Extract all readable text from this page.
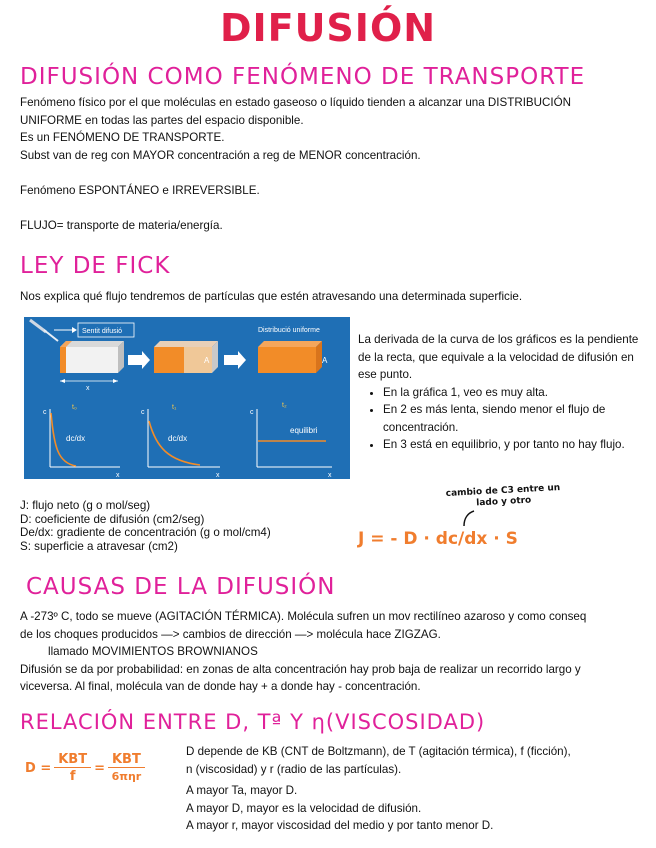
DIFUSIÓN
DIFUSIÓN COMO FENÓMENO DE TRANSPORTE

Fenómeno físico por el que moléculas en estado gaseoso o líquido tienden a alcanzar una DISTRIBUCIÓN

UNIFORME en todas las partes del espacio disponible.

Es un FENÓMENO DE TRANSPORTE.

Subst van de reg con MAYOR concentración a reg de MENOR concentración.

Fenómeno ESPONTÁNEO e IRREVERSIBLE.

FLUJO= transporte de materia/energía.

LEY DE FICK

Nos explica qué flujo tendremos de partículas que estén atravesando una determinada superficie.

Sentit difusió	Distribució uniforme
A	A
x
c
t₀
dc/dx
x
c
t₁
dc/dx
x
c
t₂
equilibri
x
La derivada de la curva de los gráficos es la pendiente de la recta, que equivale a la velocidad de difusión en ese punto.
• En la gráfica 1, veo es muy alta.
• En 2 es más lenta, siendo menor el flujo de concentración.
• En 3 está en equilibrio, y por tanto no hay flujo.
J: flujo neto (g o mol/seg)
D: coeficiente de difusión (cm2/seg)
De/dx: gradiente de concentración (g o mol/cm4)
S: superficie a atravesar (cm2)
cambio de C3 entre un
lado y otro
J = - D · dc/dx · S
CAUSAS DE LA DIFUSIÓN

A -273º C, todo se mueve (AGITACIÓN TÉRMICA). Molécula sufren un mov rectilíneo azaroso y como conseq

de los choques producidos —> cambios de dirección —> molécula hace ZIGZAG.

llamado MOVIMIENTOS BROWNIANOS

Difusión se da por probabilidad: en zonas de alta concentración hay prob baja de realizar un recorrido largo y

viceversa. Al final, molécula van de donde hay + a donde hay - concentración.

RELACIÓN ENTRE D, Tª Y η(VISCOSIDAD)
D =	KBT	=	KBT
	f		6πηr

D depende de KB (CNT de Boltzmann), de T (agitación térmica), f (ficción),

n (viscosidad) y r (radio de las partículas).

A mayor Ta, mayor D.

A mayor D, mayor es la velocidad de difusión.

A mayor r, mayor viscosidad del medio y por tanto menor D.
